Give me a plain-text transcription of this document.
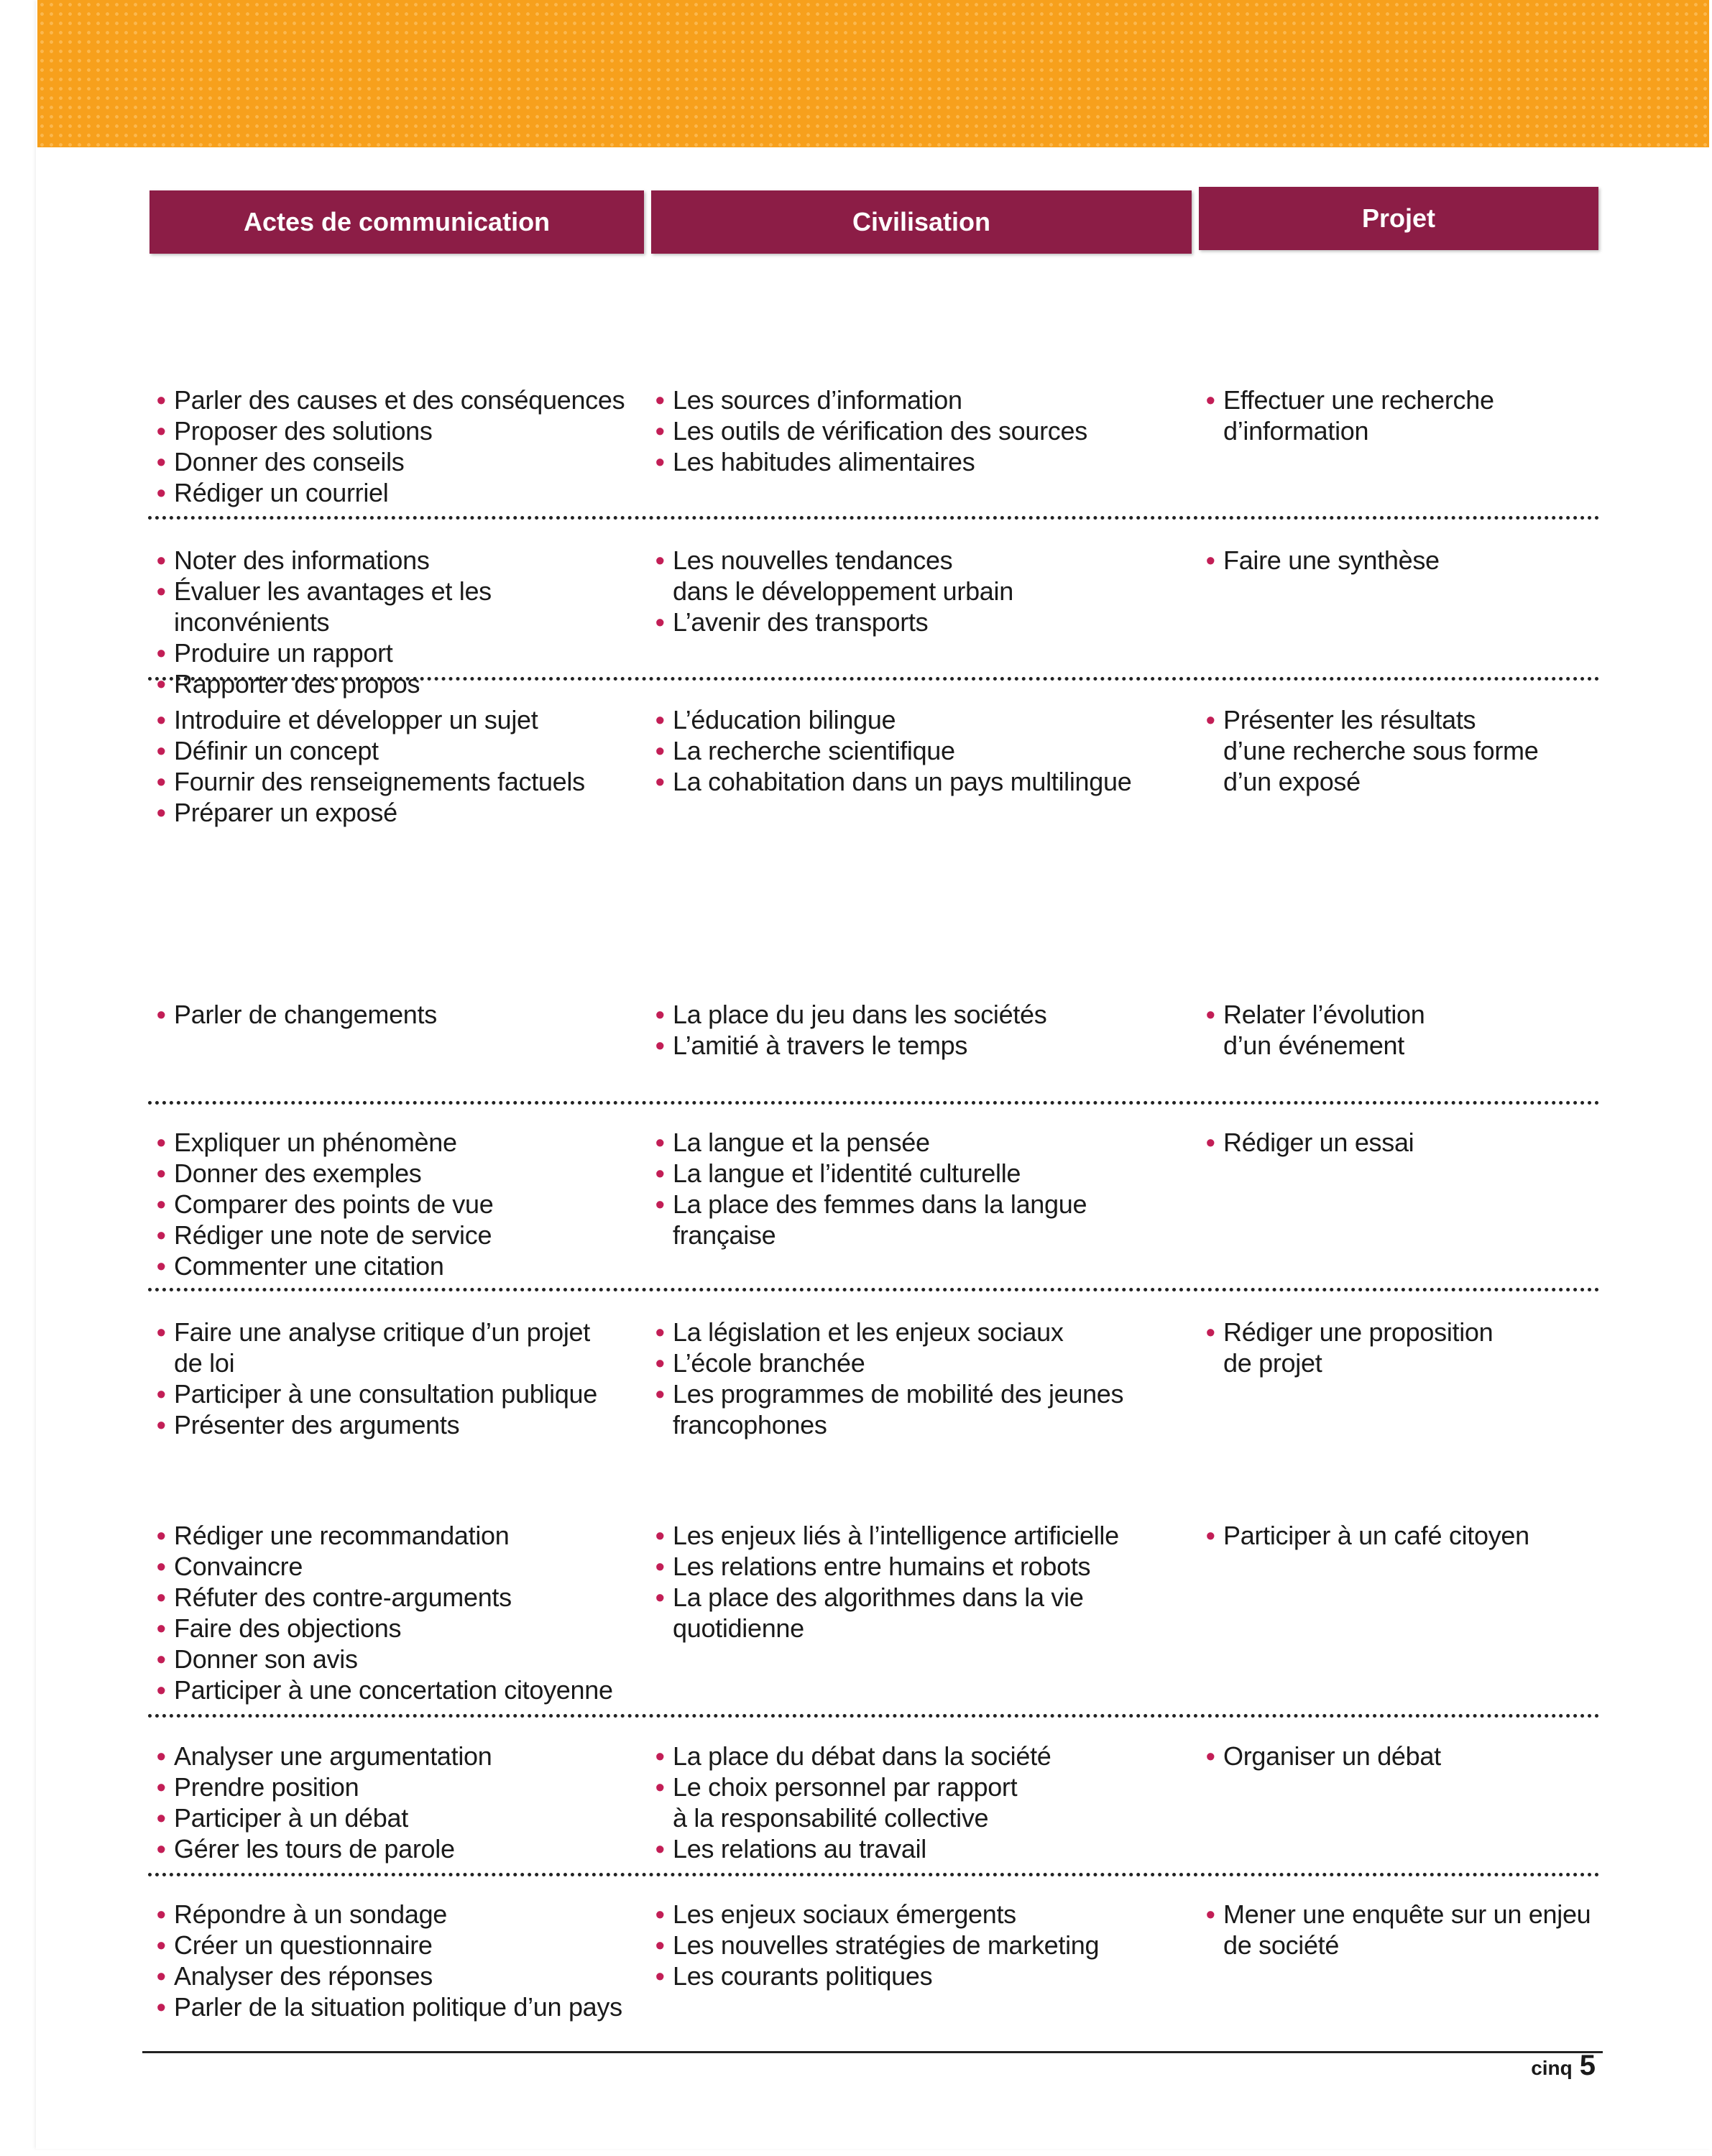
Actes de communication	Civilisation	Projet
• Parler des causes et des conséquences
• Proposer des solutions
• Donner des conseils
• Rédiger un courriel
• Les sources d’information
• Les outils de vérification des sources
• Les habitudes alimentaires
• Effectuer une recherche
d’information
• Noter des informations
• Évaluer les avantages et les inconvénients
• Produire un rapport
• Rapporter des propos
• Les nouvelles tendances
dans le développement urbain
• L’avenir des transports
• Faire une synthèse
• Introduire et développer un sujet
• Définir un concept
• Fournir des renseignements factuels
• Préparer un exposé
• L’éducation bilingue
• La recherche scientifique
• La cohabitation dans un pays multilingue
• Présenter les résultats
d’une recherche sous forme
d’un exposé
• Parler de changements
•	La place du jeu dans les sociétés
• L’amitié à travers le temps
• Relater l’évolution
d’un événement
• Expliquer un phénomène
• Donner des exemples
• Comparer des points de vue
• Rédiger une note de service
• Commenter une citation
• La langue et la pensée
• La langue et l’identité culturelle
• La place des femmes dans la langue française
• Rédiger un essai
• Faire une analyse critique d’un projet
de loi
• Participer à une consultation publique
• Présenter des arguments
• La législation et les enjeux sociaux
• L’école branchée
• Les programmes de mobilité des jeunes
francophones
• Rédiger une proposition
de projet
• Rédiger une recommandation
• Convaincre
• Réfuter des contre-arguments
• Faire des objections
• Donner son avis
• Participer à une concertation citoyenne
• Les enjeux liés à l’intelligence artificielle
• Les relations entre humains et robots
• La place des algorithmes dans la vie
quotidienne
• Participer à un café citoyen
• Analyser une argumentation
• Prendre position
• Participer à un débat
• Gérer les tours de parole
• La place du débat dans la société
• Le choix personnel par rapport
à la responsabilité collective
• Les relations au travail
• Organiser un débat
• Répondre à un sondage
• Créer un questionnaire
• Analyser des réponses
• Parler de la situation politique d’un pays
• Les enjeux sociaux émergents
• Les nouvelles stratégies de marketing
• Les courants politiques
• Mener une enquête sur un enjeu
de société
cinq 5
